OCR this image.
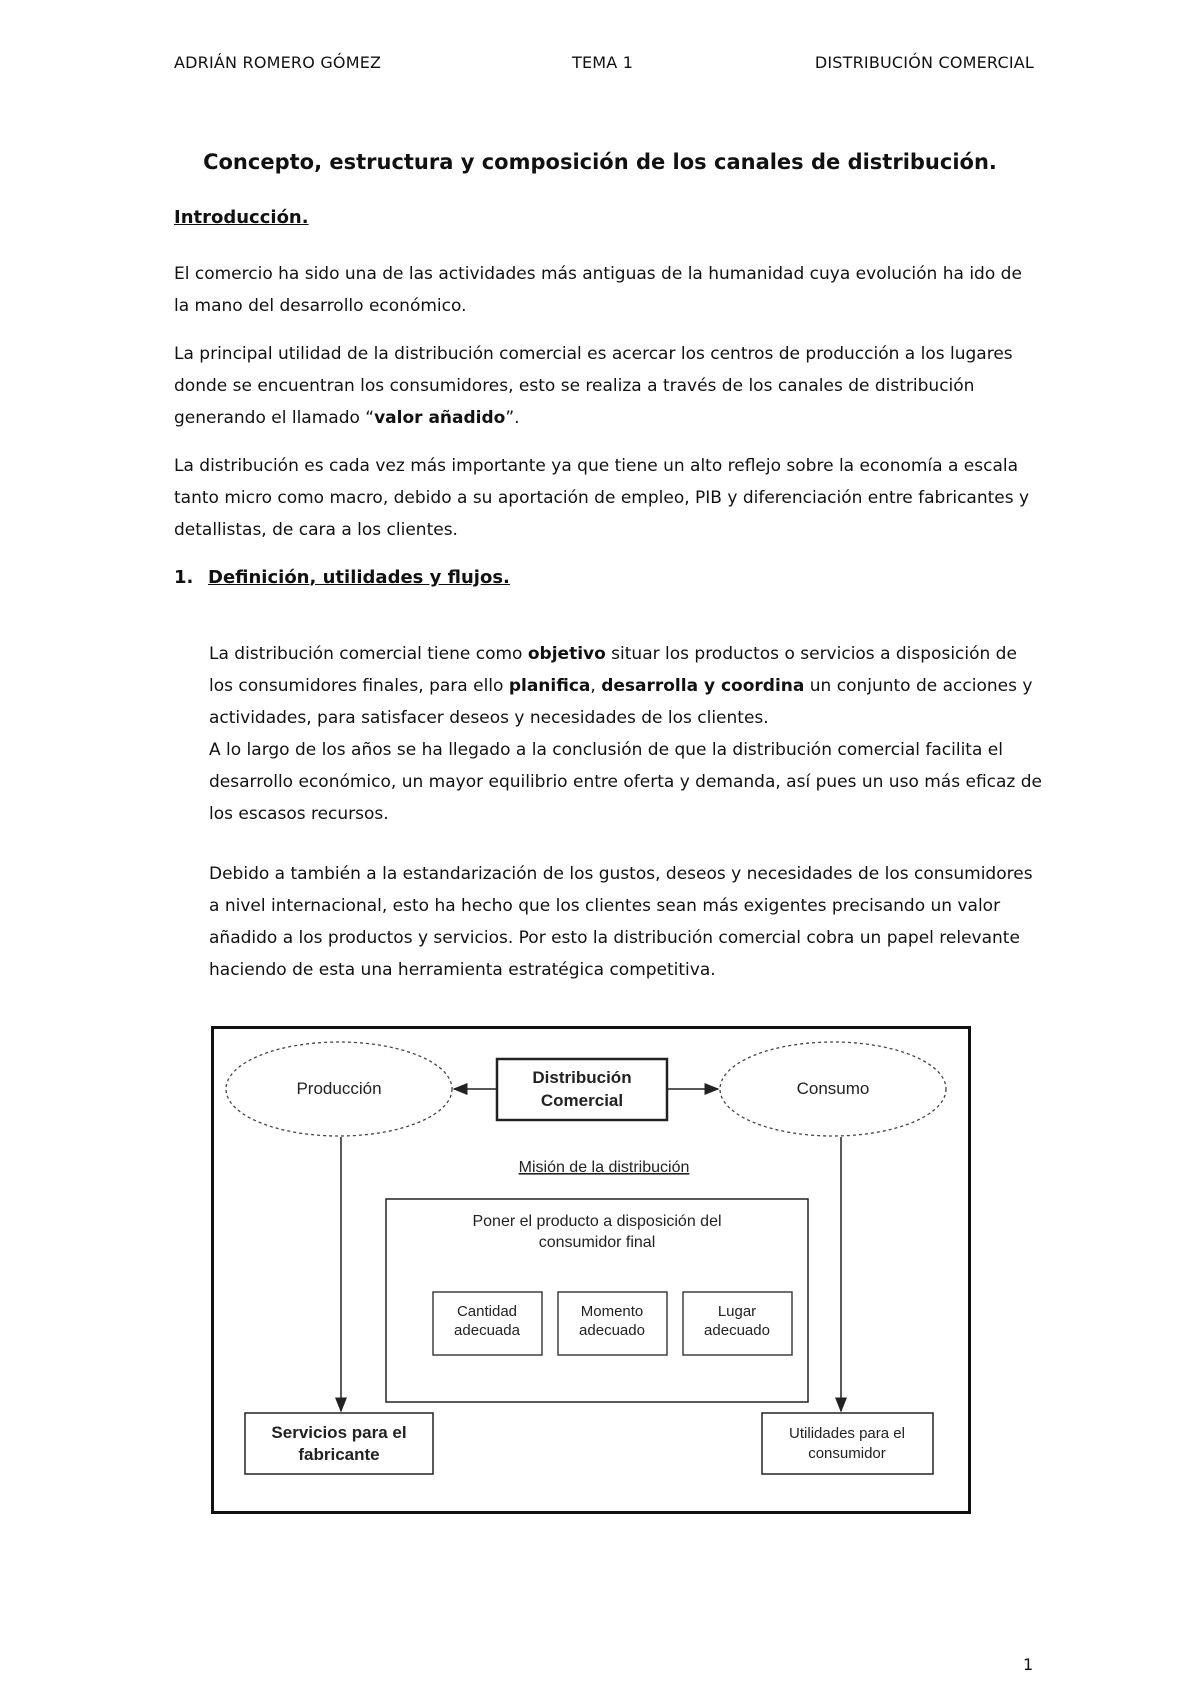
ADRIÁN ROMERO GÓMEZ	TEMA 1	DISTRIBUCIÓN COMERCIAL
Concepto, estructura y composición de los canales de distribución.
Introducción.
El comercio ha sido una de las actividades más antiguas de la humanidad cuya evolución ha ido de la mano del desarrollo económico.
La principal utilidad de la distribución comercial es acercar los centros de producción a los lugares donde se encuentran los consumidores, esto se realiza a través de los canales de distribución generando el llamado “valor añadido”.
La distribución es cada vez más importante ya que tiene un alto reflejo sobre la economía a escala tanto micro como macro, debido a su aportación de empleo, PIB y diferenciación entre fabricantes y detallistas, de cara a los clientes.
1. Definición, utilidades y flujos.
La distribución comercial tiene como objetivo situar los productos o servicios a disposición de los consumidores finales, para ello planifica, desarrolla y coordina un conjunto de acciones y actividades, para satisfacer deseos y necesidades de los clientes.
A lo largo de los años se ha llegado a la conclusión de que la distribución comercial facilita el desarrollo económico, un mayor equilibrio entre oferta y demanda, así pues un uso más eficaz de los escasos recursos.
Debido a también a la estandarización de los gustos, deseos y necesidades de los consumidores a nivel internacional, esto ha hecho que los clientes sean más exigentes precisando un valor añadido a los productos y servicios. Por esto la distribución comercial cobra un papel relevante haciendo de esta una herramienta estratégica competitiva.
Producción	Consumo
Distribución
Comercial
Misión de la distribución
Poner el producto a disposición del
consumidor final
Cantidad
adecuada
Momento
adecuado
Lugar
adecuado
Servicios para el
fabricante
Utilidades para el
consumidor
1
